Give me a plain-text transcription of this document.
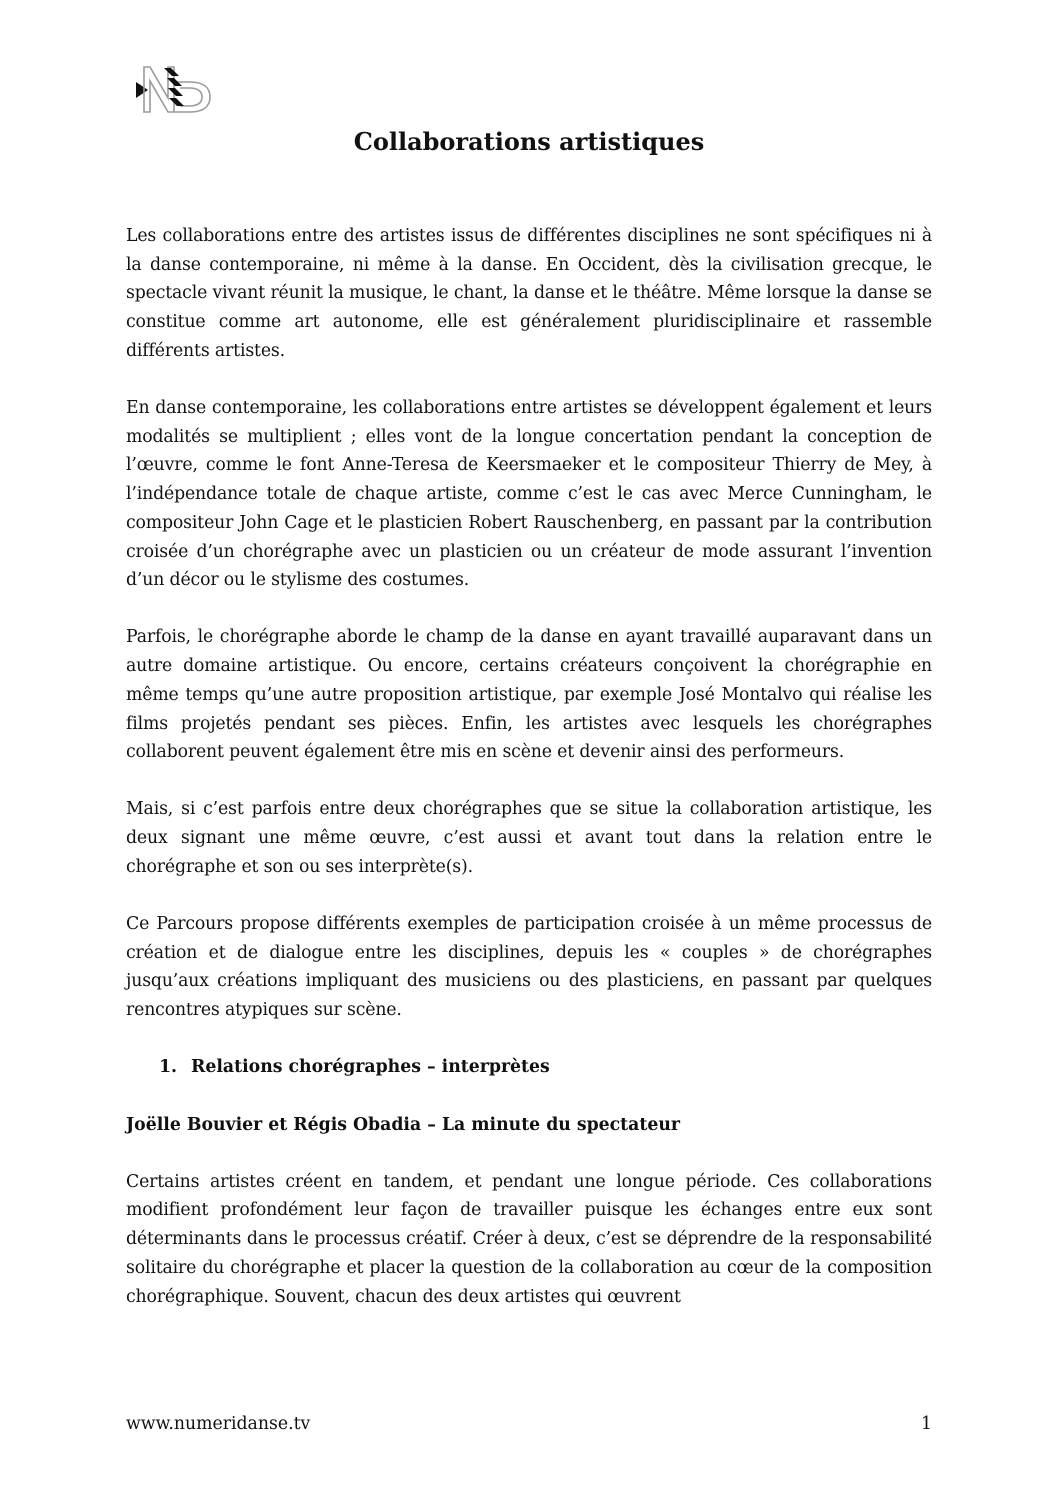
Collaborations artistiques

Les collaborations entre des artistes issus de différentes disciplines ne sont spécifiques ni à la danse contemporaine, ni même à la danse. En Occident, dès la civilisation grecque, le spectacle vivant réunit la musique, le chant, la danse et le théâtre. Même lorsque la danse se constitue comme art autonome, elle est généralement pluridisciplinaire et rassemble différents artistes.

En danse contemporaine, les collaborations entre artistes se développent également et leurs modalités se multiplient ; elles vont de la longue concertation pendant la conception de l’œuvre, comme le font Anne-Teresa de Keersmaeker et le compositeur Thierry de Mey, à l’indépendance totale de chaque artiste, comme c’est le cas avec Merce Cunningham, le compositeur John Cage et le plasticien Robert Rauschenberg, en passant par la contribution croisée d’un chorégraphe avec un plasticien ou un créateur de mode assurant l’invention d’un décor ou le stylisme des costumes.

Parfois, le chorégraphe aborde le champ de la danse en ayant travaillé auparavant dans un autre domaine artistique. Ou encore, certains créateurs conçoivent la chorégraphie en même temps qu’une autre proposition artistique, par exemple José Montalvo qui réalise les films projetés pendant ses pièces. Enfin, les artistes avec lesquels les chorégraphes collaborent peuvent également être mis en scène et devenir ainsi des performeurs.

Mais, si c’est parfois entre deux chorégraphes que se situe la collaboration artistique, les deux signant une même œuvre, c’est aussi et avant tout dans la relation entre le chorégraphe et son ou ses interprète(s).

Ce Parcours propose différents exemples de participation croisée à un même processus de création et de dialogue entre les disciplines, depuis les « couples » de chorégraphes jusqu’aux créations impliquant des musiciens ou des plasticiens, en passant par quelques rencontres atypiques sur scène.

1. Relations chorégraphes – interprètes
Joëlle Bouvier et Régis Obadia – La minute du spectateur

Certains artistes créent en tandem, et pendant une longue période. Ces collaborations modifient profondément leur façon de travailler puisque les échanges entre eux sont déterminants dans le processus créatif. Créer à deux, c’est se déprendre de la responsabilité solitaire du chorégraphe et placer la question de la collaboration au cœur de la composition chorégraphique. Souvent, chacun des deux artistes qui œuvrent

www.numeridanse.tv	1
